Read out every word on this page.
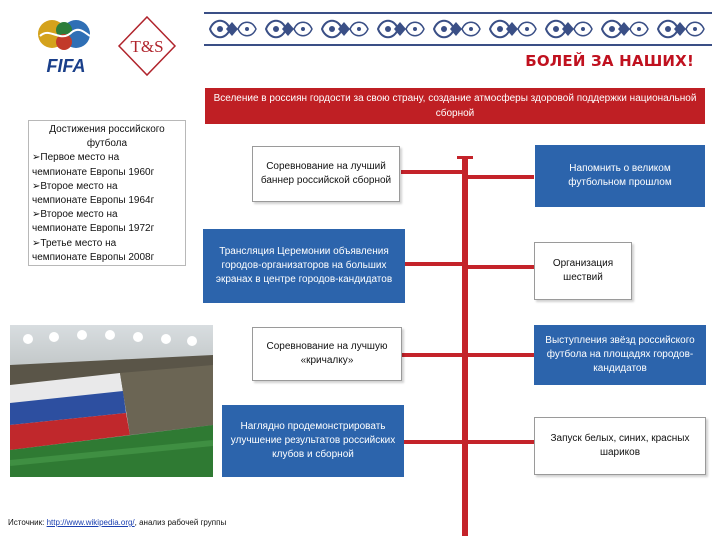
БОЛЕЙ ЗА НАШИХ!
FIFA
T&S
Вселение в россиян гордости за свою страну, создание атмосферы здоровой поддержки национальной сборной
Достижения российского
футбола
➢Первое место на
чемпионате Европы 1960г
➢Второе место на
чемпионате Европы 1964г
➢Второе место на
чемпионате Европы 1972г
➢Третье место на
чемпионате Европы 2008г
Соревнование на лучший баннер российской сборной
Трансляция Церемонии объявления городов-организаторов на больших экранах в центре городов-кандидатов
Соревнование на лучшую «кричалку»
Наглядно продемонстрировать улучшение результатов российских клубов и сборной
Напомнить о великом футбольном прошлом
Организация шествий
Выступления звёзд российского футбола на площадях городов-кандидатов
Запуск белых, синих, красных шариков
Источник: http://www.wikipedia.org/, анализ рабочей группы
